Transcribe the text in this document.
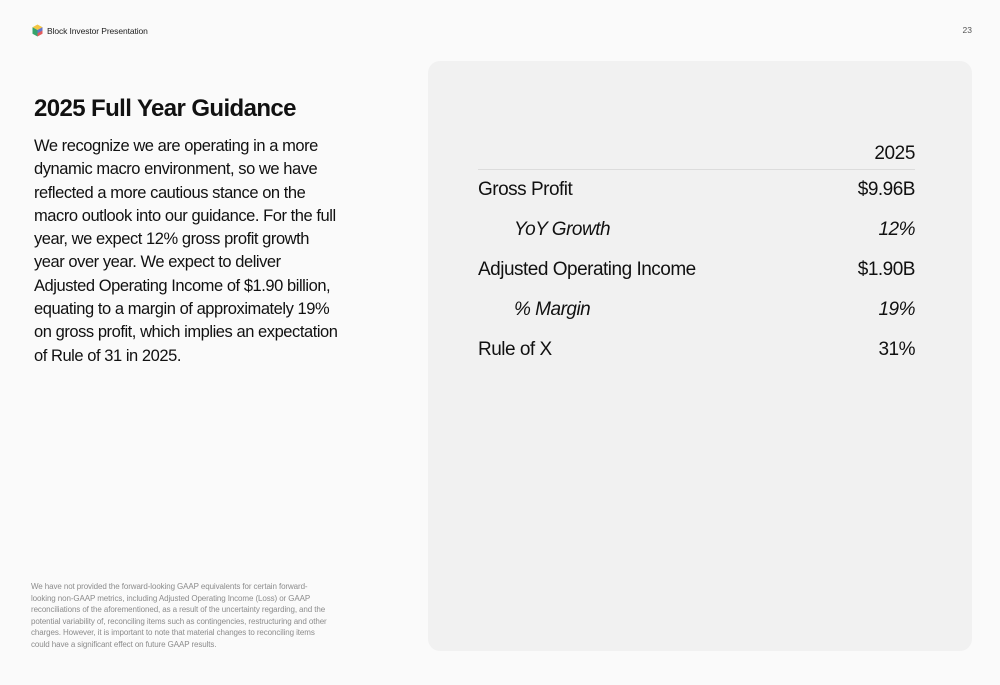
Block Investor Presentation	23
2025 Full Year Guidance

We recognize we are operating in a more dynamic macro environment, so we have reflected a more cautious stance on the macro outlook into our guidance. For the full year, we expect 12% gross profit growth year over year. We expect to deliver Adjusted Operating Income of $1.90 billion, equating to a margin of approximately 19% on gross profit, which implies an expectation of Rule of 31 in 2025.

We have not provided the forward-looking GAAP equivalents for certain forward-looking non-GAAP metrics, including Adjusted Operating Income (Loss) or GAAP reconciliations of the aforementioned, as a result of the uncertainty regarding, and the potential variability of, reconciling items such as contingencies, restructuring and other charges. However, it is important to note that material changes to reconciling items could have a significant effect on future GAAP results.

	2025
Gross Profit	$9.96B
YoY Growth	12%
Adjusted Operating Income	$1.90B
% Margin	19%
Rule of X	31%
